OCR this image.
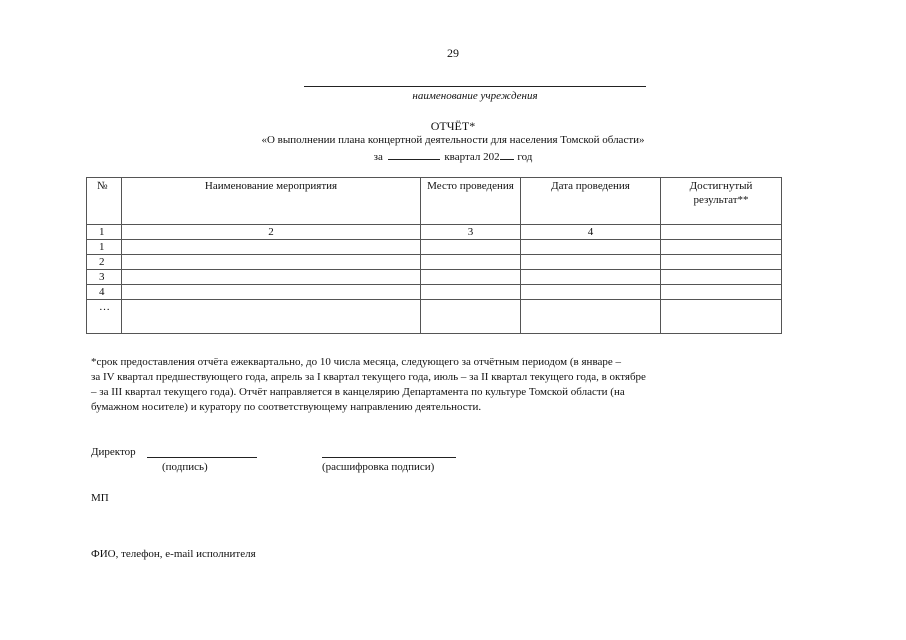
29
наименование учреждения
ОТЧЁТ*
«О выполнении плана концертной деятельности для населения Томской области»
за	квартал 202 год
№	Наименование мероприятия	Место проведения	Дата проведения	Достигнутый результат**
1	2	3	4	
1				
2				
3				
4				
…				

*срок предоставления отчёта ежеквартально, до 10 числа месяца, следующего за отчётным периодом (в январе –

за IV квартал предшествующего года, апрель за I квартал текущего года, июль – за II квартал текущего года, в октябре

– за III квартал текущего года). Отчёт направляется в канцелярию Департамента по культуре Томской области (на

бумажном носителе) и куратору по соответствующему направлению деятельности.

Директор
(подпись)	(расшифровка подписи)
МП
ФИО, телефон, e-mail исполнителя
